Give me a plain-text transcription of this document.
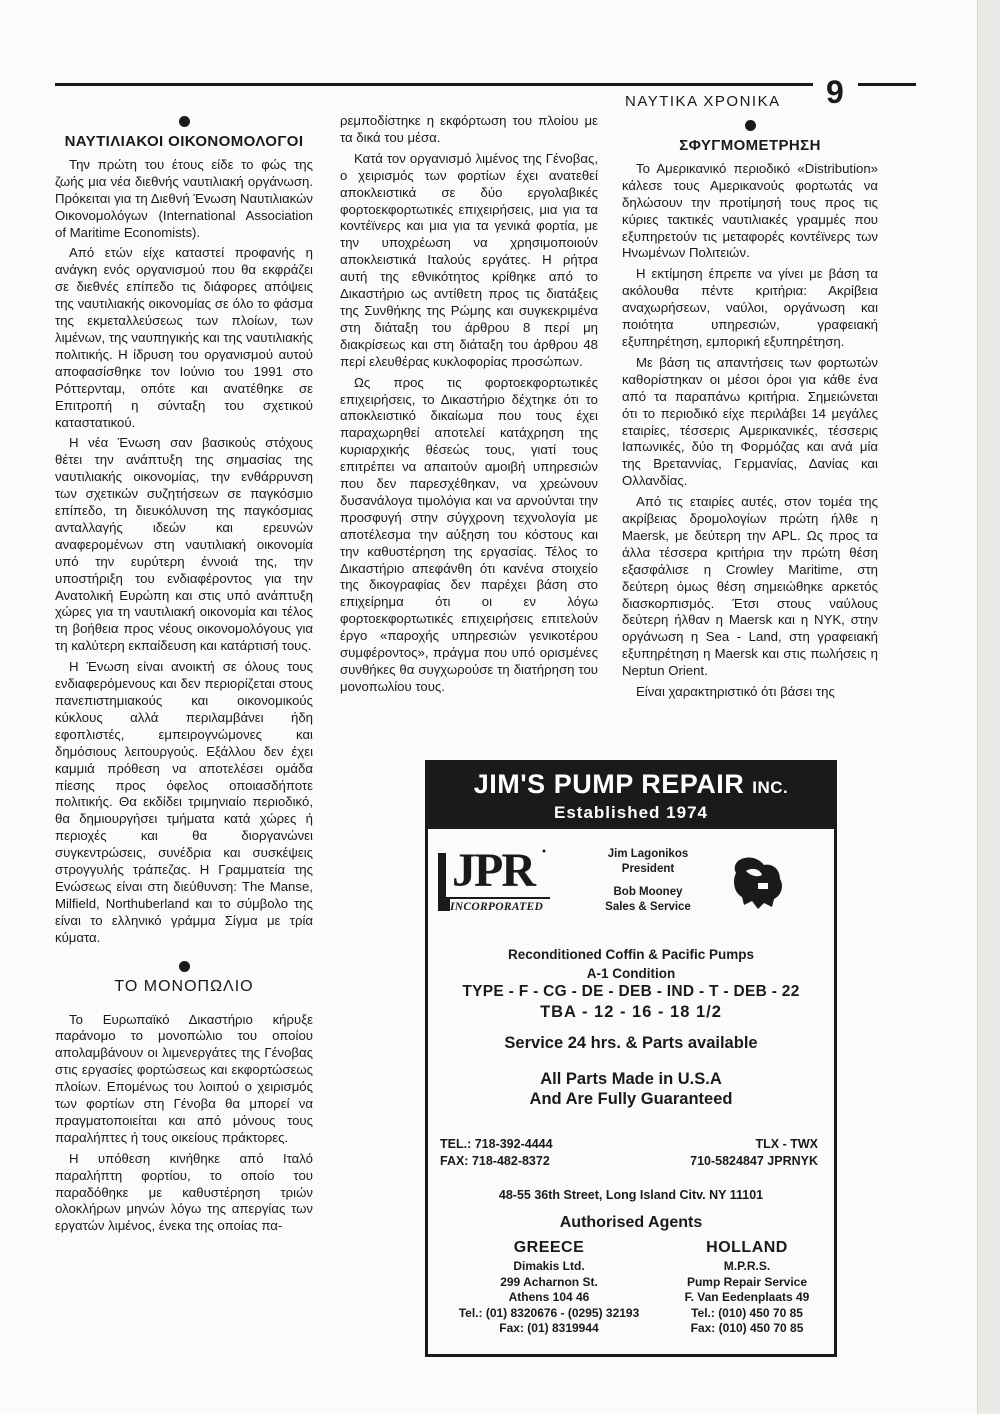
ΝΑΥΤΙΚΑ ΧΡΟΝΙΚΑ 9
ΝΑΥΤΙΛΙΑΚΟΙ ΟΙΚΟΝΟΜΟΛΟΓΟΙ

Την πρώτη του έτους είδε το φώς της ζωής μια νέα διεθνής ναυτιλιακή οργάνωση. Πρόκειται για τη Διεθνή Ένωση Ναυτιλιακών Οικονομολόγων (International Association of Maritime Economists).

Από ετών είχε καταστεί προφανής η ανάγκη ενός οργανισμού που θα εκφράζει σε διεθνές επίπεδο τις διάφορες απόψεις της ναυτιλιακής οικονομίας σε όλο το φάσμα της εκμεταλλεύσεως των πλοίων, των λιμένων, της ναυπηγικής και της ναυτιλιακής πολιτικής. Η ίδρυση του οργανισμού αυτού αποφασίσθηκε τον Ιούνιο του 1991 στο Ρόττερνταμ, οπότε και ανατέθηκε σε Επιτροπή η σύνταξη του σχετικού καταστατικού.

Η νέα Ένωση σαν βασικούς στόχους θέτει την ανάπτυξη της σημασίας της ναυτιλιακής οικονομίας, την ενθάρρυνση των σχετικών συζητήσεων σε παγκόσμιο επίπεδο, τη διευκόλυνση της παγκόσμιας ανταλλαγής ιδεών και ερευνών αναφερομένων στη ναυτιλιακή οικονομία υπό την ευρύτερη έννοιά της, την υποστήριξη του ενδιαφέροντος για την Ανατολική Ευρώπη και στις υπό ανάπτυξη χώρες για τη ναυτιλιακή οικονομία και τέλος τη βοήθεια προς νέους οικονομολόγους για τη καλύτερη εκπαίδευση και κατάρτισή τους.

Η Ένωση είναι ανοικτή σε όλους τους ενδιαφερόμενους και δεν περιορίζεται στους πανεπιστημιακούς και οικονομικούς κύκλους αλλά περιλαμβάνει ήδη εφοπλιστές, εμπειρογνώμονες και δημόσιους λειτουργούς. Εξάλλου δεν έχει καμμιά πρόθεση να αποτελέσει ομάδα πίεσης προς όφελος οποιασδήποτε πολιτικής. Θα εκδίδει τριμηνιαίο περιοδικό, θα δημιουργήσει τμήματα κατά χώρες ή περιοχές και θα διοργανώνει συγκεντρώσεις, συνέδρια και συσκέψεις στρογγυλής τράπεζας. Η Γραμματεία της Ενώσεως είναι στη διεύθυνση: The Manse, Milfield, Northuberland και το σύμβολο της είναι το ελληνικό γράμμα Σίγμα με τρία κύματα.

ΤΟ ΜΟΝΟΠΩΛΙΟ

Το Ευρωπαϊκό Δικαστήριο κήρυξε παράνομο το μονοπώλιο του οποίου απολαμβάνουν οι λιμενεργάτες της Γένοβας στις εργασίες φορτώσεως και εκφορτώσεως πλοίων. Επομένως του λοιπού ο χειρισμός των φορτίων στη Γένοβα θα μπορεί να πραγματοποιείται και από μόνους τους παραλήπτες ή τους οικείους πράκτορες.

Η υπόθεση κινήθηκε από Ιταλό παραλήπτη φορτίου, το οποίο του παραδόθηκε με καθυστέρηση τριών ολοκλήρων μηνών λόγω της απεργίας των εργατών λιμένος, ένεκα της οποίας πα-

ρεμποδίστηκε η εκφόρτωση του πλοίου με τα δικά του μέσα.

Κατά τον οργανισμό λιμένος της Γένοβας, ο χειρισμός των φορτίων έχει ανατεθεί αποκλειστικά σε δύο εργολαβικές φορτοεκφορτωτικές επιχειρήσεις, μια για τα κοντέϊνερς και μια για τα γενικά φορτία, με την υποχρέωση να χρησιμοποιούν αποκλειστικά Ιταλούς εργάτες. Η ρήτρα αυτή της εθνικότητος κρίθηκε από το Δικαστήριο ως αντίθετη προς τις διατάξεις της Συνθήκης της Ρώμης και συγκεκριμένα στη διάταξη του άρθρου 8 περί μη διακρίσεως και στη διάταξη του άρθρου 48 περί ελευθέρας κυκλοφορίας προσώπων.

Ως προς τις φορτοεκφορτωτικές επιχειρήσεις, το Δικαστήριο δέχτηκε ότι το αποκλειστικό δικαίωμα που τους έχει παραχωρηθεί αποτελεί κατάχρηση της κυριαρχικής θέσεώς τους, γιατί τους επιτρέπει να απαιτούν αμοιβή υπηρεσιών που δεν παρεσχέθηκαν, να χρεώνουν δυσανάλογα τιμολόγια και να αρνούνται την προσφυγή στην σύγχρονη τεχνολογία με αποτέλεσμα την αύξηση του κόστους και την καθυστέρηση της εργασίας. Τέλος το Δικαστήριο απεφάνθη ότι κανένα στοιχείο της δικογραφίας δεν παρέχει βάση στο επιχείρημα ότι οι εν λόγω φορτοεκφορτωτικές επιχειρήσεις επιτελούν έργο «παροχής υπηρεσιών γενικοτέρου συμφέροντος», πράγμα που υπό ορισμένες συνθήκες θα συγχωρούσε τη διατήρηση του μονοπωλίου τους.

ΣΦΥΓΜΟΜΕΤΡΗΣΗ

Το Αμερικανικό περιοδικό «Distribution» κάλεσε τους Αμερικανούς φορτωτάς να δηλώσουν την προτίμησή τους προς τις κύριες τακτικές ναυτιλιακές γραμμές που εξυπηρετούν τις μεταφορές κοντέϊνερς των Ηνωμένων Πολιτειών.

Η εκτίμηση έπρεπε να γίνει με βάση τα ακόλουθα πέντε κριτήρια: Ακρίβεια αναχωρήσεων, ναύλοι, οργάνωση και ποιότητα υπηρεσιών, γραφειακή εξυπηρέτηση, εμπορική εξυπηρέτηση.

Με βάση τις απαντήσεις των φορτωτών καθορίστηκαν οι μέσοι όροι για κάθε ένα από τα παραπάνω κριτήρια. Σημειώνεται ότι το περιοδικό είχε περιλάβει 14 μεγάλες εταιρίες, τέσσερις Αμερικανικές, τέσσερις Ιαπωνικές, δύο τη Φορμόζας και ανά μία της Βρεταννίας, Γερμανίας, Δανίας και Ολλανδίας.

Από τις εταιρίες αυτές, στον τομέα της ακρίβειας δρομολογίων πρώτη ήλθε η Maersk, με δεύτερη την APL. Ως προς τα άλλα τέσσερα κριτήρια την πρώτη θέση εξασφάλισε η Crowley Maritime, στη δεύτερη όμως θέση σημειώθηκε αρκετός διασκορπισμός. Έτσι στους ναύλους δεύτερη ήλθαν η Maersk και η NYK, στην οργάνωση η Sea - Land, στη γραφειακή εξυπηρέτηση η Maersk και στις πωλήσεις η Neptun Orient.

Είναι χαρακτηριστικό ότι βάσει της

JIM'S PUMP REPAIR INC.
Established 1974
JPR
INCORPORATED
Jim Lagonikos
President
Bob Mooney
Sales & Service
Reconditioned Coffin & Pacific Pumps
A-1 Condition
TYPE - F - CG - DE - DEB - IND - T - DEB - 22
TBA - 12 - 16 - 18 1/2
Service 24 hrs. & Parts available
All Parts Made in U.S.A
And Are Fully Guaranteed
TEL.: 718-392-4444
FAX: 718-482-8372
TLX - TWX
710-5824847 JPRNYK
48-55 36th Street, Long Island Citv. NY 11101
Authorised Agents
GREECE
Dimakis Ltd.
299 Acharnon St.
Athens 104 46
Tel.: (01) 8320676 - (0295) 32193
Fax: (01) 8319944
HOLLAND
M.P.R.S.
Pump Repair Service
F. Van Eedenplaats 49
Tel.: (010) 450 70 85
Fax: (010) 450 70 85
